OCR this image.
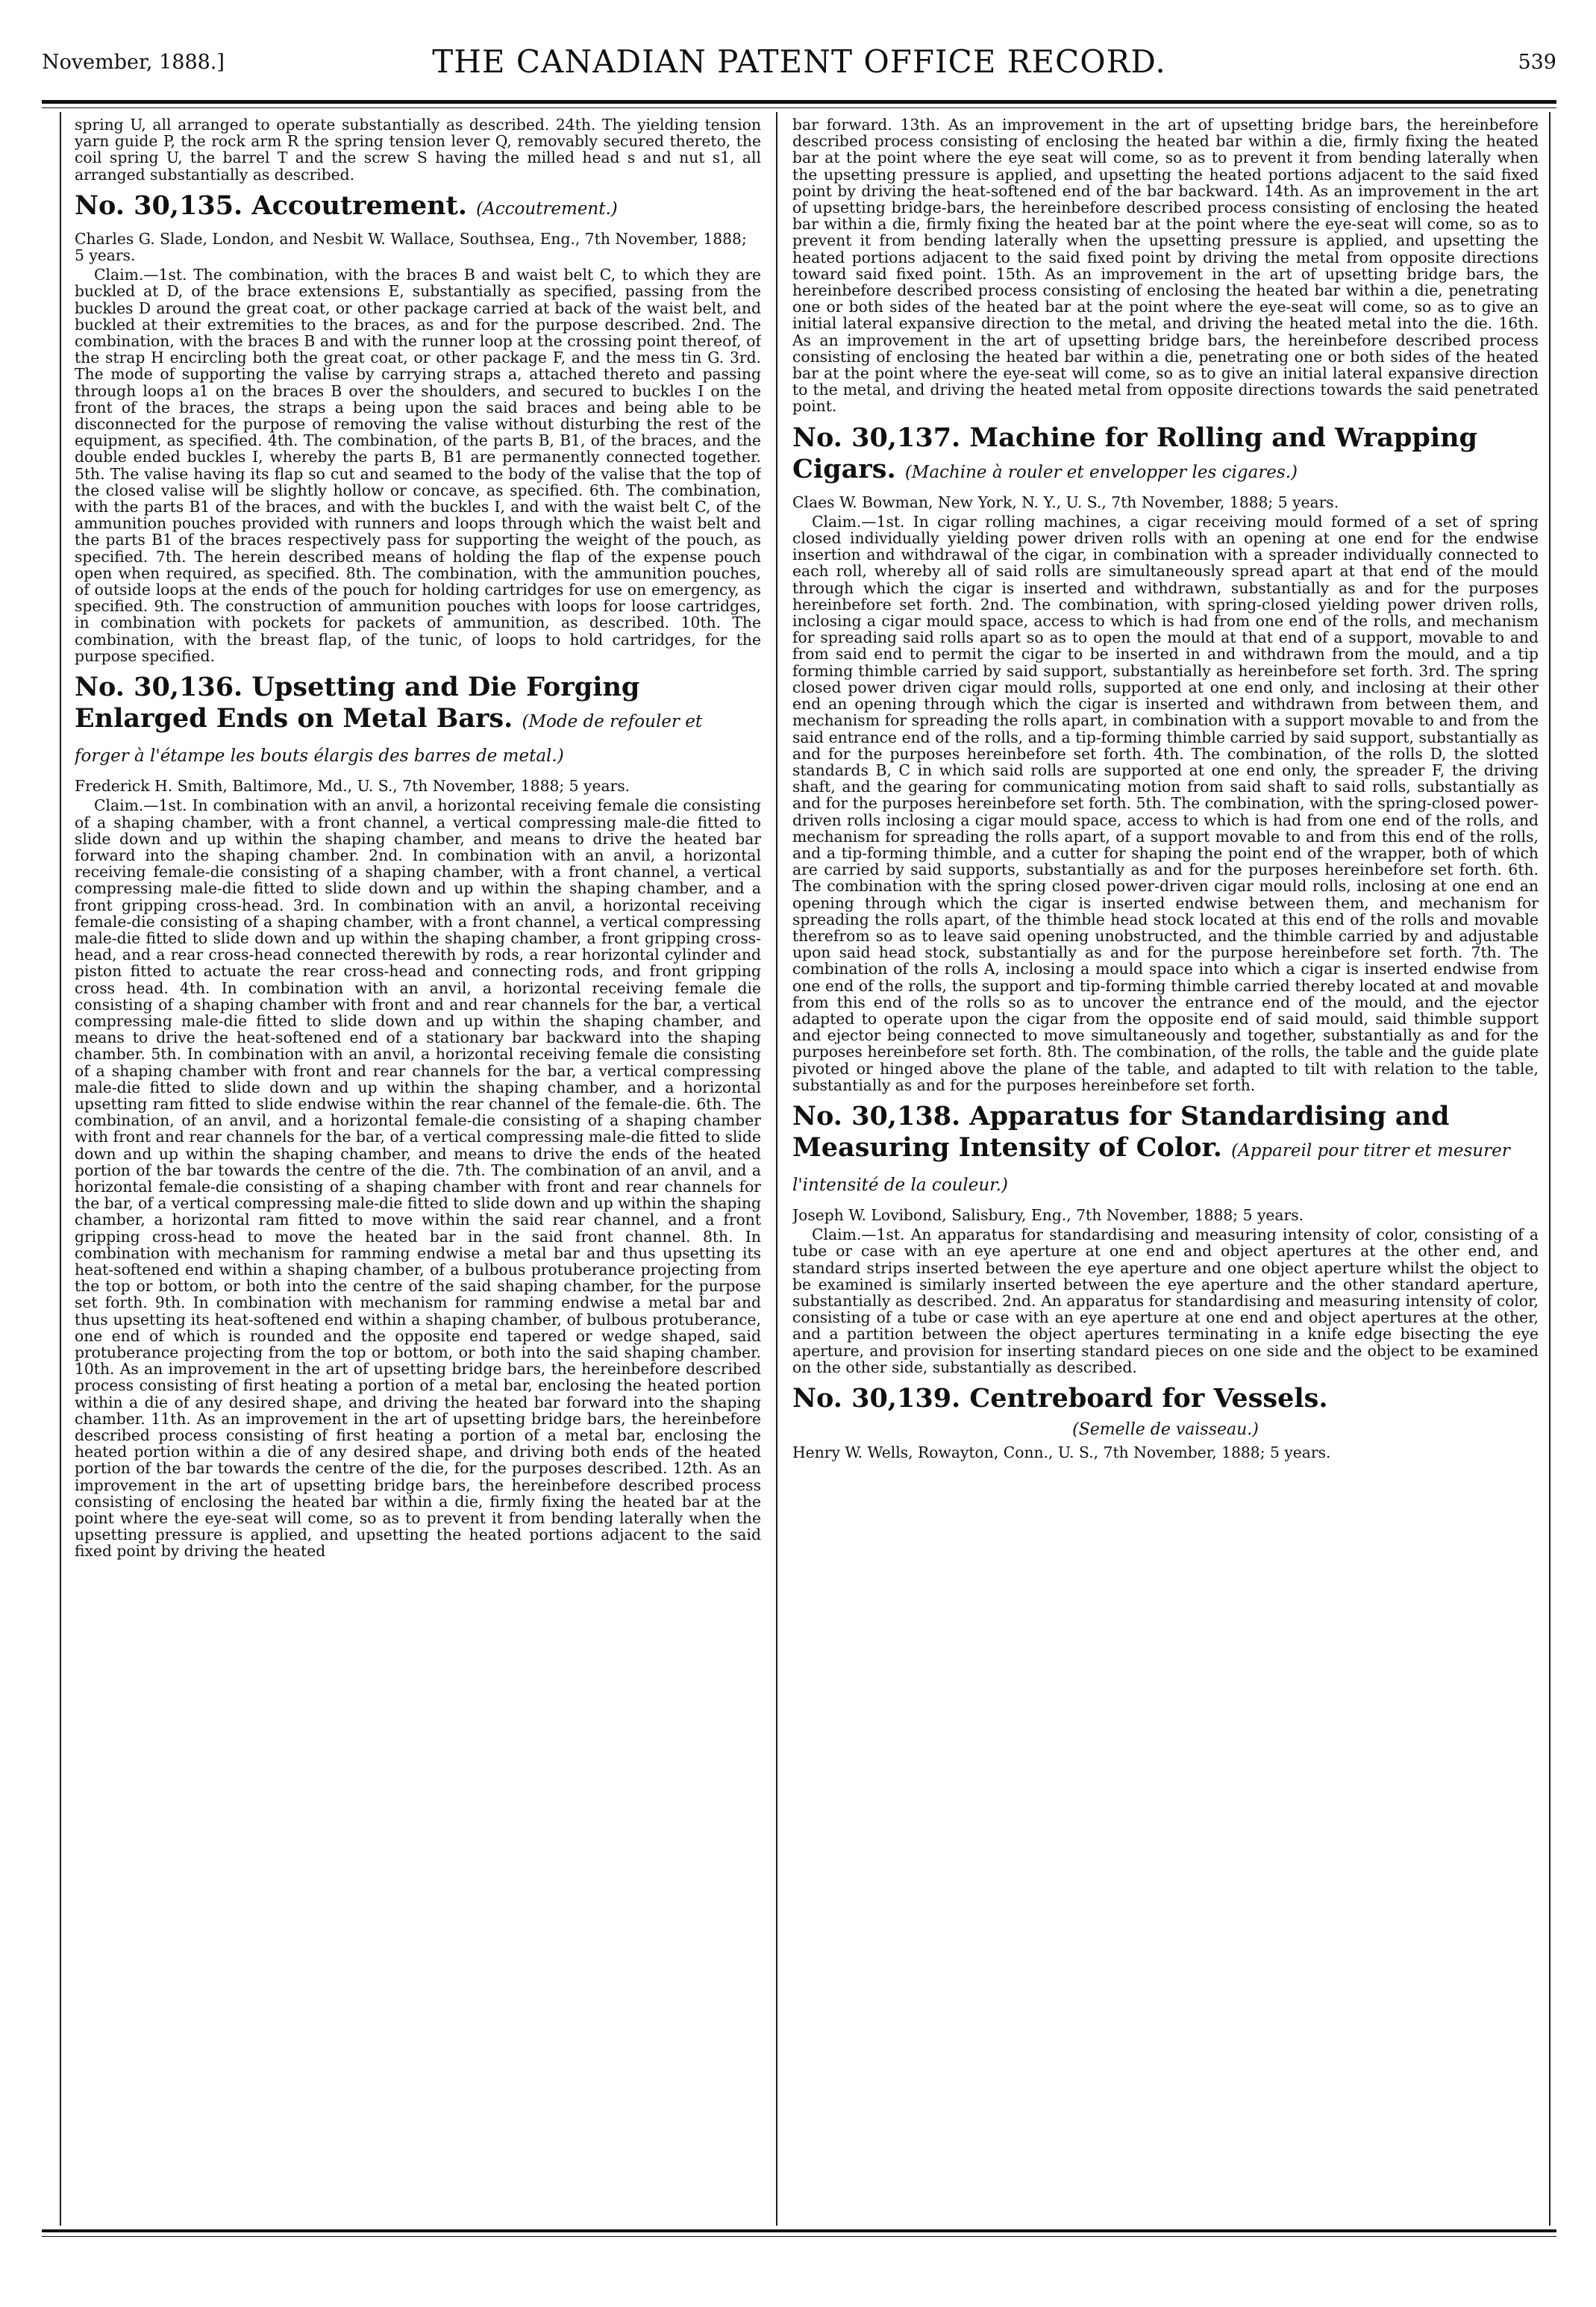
November, 1888.]	THE CANADIAN PATENT OFFICE RECORD.	539

spring U, all arranged to operate substantially as described. 24th. The yielding tension yarn guide P, the rock arm R the spring tension lever Q, removably secured thereto, the coil spring U, the barrel T and the screw S having the milled head s and nut s1, all arranged substantially as described.

No. 30,135. Accoutrement. (Accoutrement.)

Charles G. Slade, London, and Nesbit W. Wallace, Southsea, Eng., 7th November, 1888; 5 years.

Claim.—1st. The combination, with the braces B and waist belt C, to which they are buckled at D, of the brace extensions E, substantially as specified, passing from the buckles D around the great coat, or other package carried at back of the waist belt, and buckled at their extremities to the braces, as and for the purpose described. 2nd. The combination, with the braces B and with the runner loop at the crossing point thereof, of the strap H encircling both the great coat, or other package F, and the mess tin G. 3rd. The mode of supporting the valise by carrying straps a, attached thereto and passing through loops a1 on the braces B over the shoulders, and secured to buckles I on the front of the braces, the straps a being upon the said braces and being able to be disconnected for the purpose of removing the valise without disturbing the rest of the equipment, as specified. 4th. The combination, of the parts B, B1, of the braces, and the double ended buckles I, whereby the parts B, B1 are permanently connected together. 5th. The valise having its flap so cut and seamed to the body of the valise that the top of the closed valise will be slightly hollow or concave, as specified. 6th. The combination, with the parts B1 of the braces, and with the buckles I, and with the waist belt C, of the ammunition pouches provided with runners and loops through which the waist belt and the parts B1 of the braces respectively pass for supporting the weight of the pouch, as specified. 7th. The herein described means of holding the flap of the expense pouch open when required, as specified. 8th. The combination, with the ammunition pouches, of outside loops at the ends of the pouch for holding cartridges for use on emergency, as specified. 9th. The construction of ammunition pouches with loops for loose cartridges, in combination with pockets for packets of ammunition, as described. 10th. The combination, with the breast flap, of the tunic, of loops to hold cartridges, for the purpose specified.

No. 30,136. Upsetting and Die Forging Enlarged Ends on Metal Bars. (Mode de refouler et forger à l'étampe les bouts élargis des barres de metal.)

Frederick H. Smith, Baltimore, Md., U. S., 7th November, 1888; 5 years.

Claim.—1st. In combination with an anvil, a horizontal receiving female die consisting of a shaping chamber, with a front channel, a vertical compressing male-die fitted to slide down and up within the shaping chamber, and means to drive the heated bar forward into the shaping chamber. 2nd. In combination with an anvil, a horizontal receiving female-die consisting of a shaping chamber, with a front channel, a vertical compressing male-die fitted to slide down and up within the shaping chamber, and a front gripping cross-head. 3rd. In combination with an anvil, a horizontal receiving female-die consisting of a shaping chamber, with a front channel, a vertical compressing male-die fitted to slide down and up within the shaping chamber, a front gripping cross-head, and a rear cross-head connected therewith by rods, a rear horizontal cylinder and piston fitted to actuate the rear cross-head and connecting rods, and front gripping cross head. 4th. In combination with an anvil, a horizontal receiving female die consisting of a shaping chamber with front and and rear channels for the bar, a vertical compressing male-die fitted to slide down and up within the shaping chamber, and means to drive the heat-softened end of a stationary bar backward into the shaping chamber. 5th. In combination with an anvil, a horizontal receiving female die consisting of a shaping chamber with front and rear channels for the bar, a vertical compressing male-die fitted to slide down and up within the shaping chamber, and a horizontal upsetting ram fitted to slide endwise within the rear channel of the female-die. 6th. The combination, of an anvil, and a horizontal female-die consisting of a shaping chamber with front and rear channels for the bar, of a vertical compressing male-die fitted to slide down and up within the shaping chamber, and means to drive the ends of the heated portion of the bar towards the centre of the die. 7th. The combination of an anvil, and a horizontal female-die consisting of a shaping chamber with front and rear channels for the bar, of a vertical compressing male-die fitted to slide down and up within the shaping chamber, a horizontal ram fitted to move within the said rear channel, and a front gripping cross-head to move the heated bar in the said front channel. 8th. In combination with mechanism for ramming endwise a metal bar and thus upsetting its heat-softened end within a shaping chamber, of a bulbous protuberance projecting from the top or bottom, or both into the centre of the said shaping chamber, for the purpose set forth. 9th. In combination with mechanism for ramming endwise a metal bar and thus upsetting its heat-softened end within a shaping chamber, of bulbous protuberance, one end of which is rounded and the opposite end tapered or wedge shaped, said protuberance projecting from the top or bottom, or both into the said shaping chamber. 10th. As an improvement in the art of upsetting bridge bars, the hereinbefore described process consisting of first heating a portion of a metal bar, enclosing the heated portion within a die of any desired shape, and driving the heated bar forward into the shaping chamber. 11th. As an improvement in the art of upsetting bridge bars, the hereinbefore described process consisting of first heating a portion of a metal bar, enclosing the heated portion within a die of any desired shape, and driving both ends of the heated portion of the bar towards the centre of the die, for the purposes described. 12th. As an improvement in the art of upsetting bridge bars, the hereinbefore described process consisting of enclosing the heated bar within a die, firmly fixing the heated bar at the point where the eye-seat will come, so as to prevent it from bending laterally when the upsetting pressure is applied, and upsetting the heated portions adjacent to the said fixed point by driving the heated

bar forward. 13th. As an improvement in the art of upsetting bridge bars, the hereinbefore described process consisting of enclosing the heated bar within a die, firmly fixing the heated bar at the point where the eye seat will come, so as to prevent it from bending laterally when the upsetting pressure is applied, and upsetting the heated portions adjacent to the said fixed point by driving the heat-softened end of the bar backward. 14th. As an improvement in the art of upsetting bridge-bars, the hereinbefore described process consisting of enclosing the heated bar within a die, firmly fixing the heated bar at the point where the eye-seat will come, so as to prevent it from bending laterally when the upsetting pressure is applied, and upsetting the heated portions adjacent to the said fixed point by driving the metal from opposite directions toward said fixed point. 15th. As an improvement in the art of upsetting bridge bars, the hereinbefore described process consisting of enclosing the heated bar within a die, penetrating one or both sides of the heated bar at the point where the eye-seat will come, so as to give an initial lateral expansive direction to the metal, and driving the heated metal into the die. 16th. As an improvement in the art of upsetting bridge bars, the hereinbefore described process consisting of enclosing the heated bar within a die, penetrating one or both sides of the heated bar at the point where the eye-seat will come, so as to give an initial lateral expansive direction to the metal, and driving the heated metal from opposite directions towards the said penetrated point.

No. 30,137. Machine for Rolling and Wrapping Cigars. (Machine à rouler et envelopper les cigares.)

Claes W. Bowman, New York, N. Y., U. S., 7th November, 1888; 5 years.

Claim.—1st. In cigar rolling machines, a cigar receiving mould formed of a set of spring closed individually yielding power driven rolls with an opening at one end for the endwise insertion and withdrawal of the cigar, in combination with a spreader individually connected to each roll, whereby all of said rolls are simultaneously spread apart at that end of the mould through which the cigar is inserted and withdrawn, substantially as and for the purposes hereinbefore set forth. 2nd. The combination, with spring-closed yielding power driven rolls, inclosing a cigar mould space, access to which is had from one end of the rolls, and mechanism for spreading said rolls apart so as to open the mould at that end of a support, movable to and from said end to permit the cigar to be inserted in and withdrawn from the mould, and a tip forming thimble carried by said support, substantially as hereinbefore set forth. 3rd. The spring closed power driven cigar mould rolls, supported at one end only, and inclosing at their other end an opening through which the cigar is inserted and withdrawn from between them, and mechanism for spreading the rolls apart, in combination with a support movable to and from the said entrance end of the rolls, and a tip-forming thimble carried by said support, substantially as and for the purposes hereinbefore set forth. 4th. The combination, of the rolls D, the slotted standards B, C in which said rolls are supported at one end only, the spreader F, the driving shaft, and the gearing for communicating motion from said shaft to said rolls, substantially as and for the purposes hereinbefore set forth. 5th. The combination, with the spring-closed power-driven rolls inclosing a cigar mould space, access to which is had from one end of the rolls, and mechanism for spreading the rolls apart, of a support movable to and from this end of the rolls, and a tip-forming thimble, and a cutter for shaping the point end of the wrapper, both of which are carried by said supports, substantially as and for the purposes hereinbefore set forth. 6th. The combination with the spring closed power-driven cigar mould rolls, inclosing at one end an opening through which the cigar is inserted endwise between them, and mechanism for spreading the rolls apart, of the thimble head stock located at this end of the rolls and movable therefrom so as to leave said opening unobstructed, and the thimble carried by and adjustable upon said head stock, substantially as and for the purpose hereinbefore set forth. 7th. The combination of the rolls A, inclosing a mould space into which a cigar is inserted endwise from one end of the rolls, the support and tip-forming thimble carried thereby located at and movable from this end of the rolls so as to uncover the entrance end of the mould, and the ejector adapted to operate upon the cigar from the opposite end of said mould, said thimble support and ejector being connected to move simultaneously and together, substantially as and for the purposes hereinbefore set forth. 8th. The combination, of the rolls, the table and the guide plate pivoted or hinged above the plane of the table, and adapted to tilt with relation to the table, substantially as and for the purposes hereinbefore set forth.

No. 30,138. Apparatus for Standardising and Measuring Intensity of Color. (Appareil pour titrer et mesurer l'intensité de la couleur.)

Joseph W. Lovibond, Salisbury, Eng., 7th November, 1888; 5 years.

Claim.—1st. An apparatus for standardising and measuring intensity of color, consisting of a tube or case with an eye aperture at one end and object apertures at the other end, and standard strips inserted between the eye aperture and one object aperture whilst the object to be examined is similarly inserted between the eye aperture and the other standard aperture, substantially as described. 2nd. An apparatus for standardising and measuring intensity of color, consisting of a tube or case with an eye aperture at one end and object apertures at the other, and a partition between the object apertures terminating in a knife edge bisecting the eye aperture, and provision for inserting standard pieces on one side and the object to be examined on the other side, substantially as described.

No. 30,139. Centreboard for Vessels.

(Semelle de vaisseau.)

Henry W. Wells, Rowayton, Conn., U. S., 7th November, 1888; 5 years.
